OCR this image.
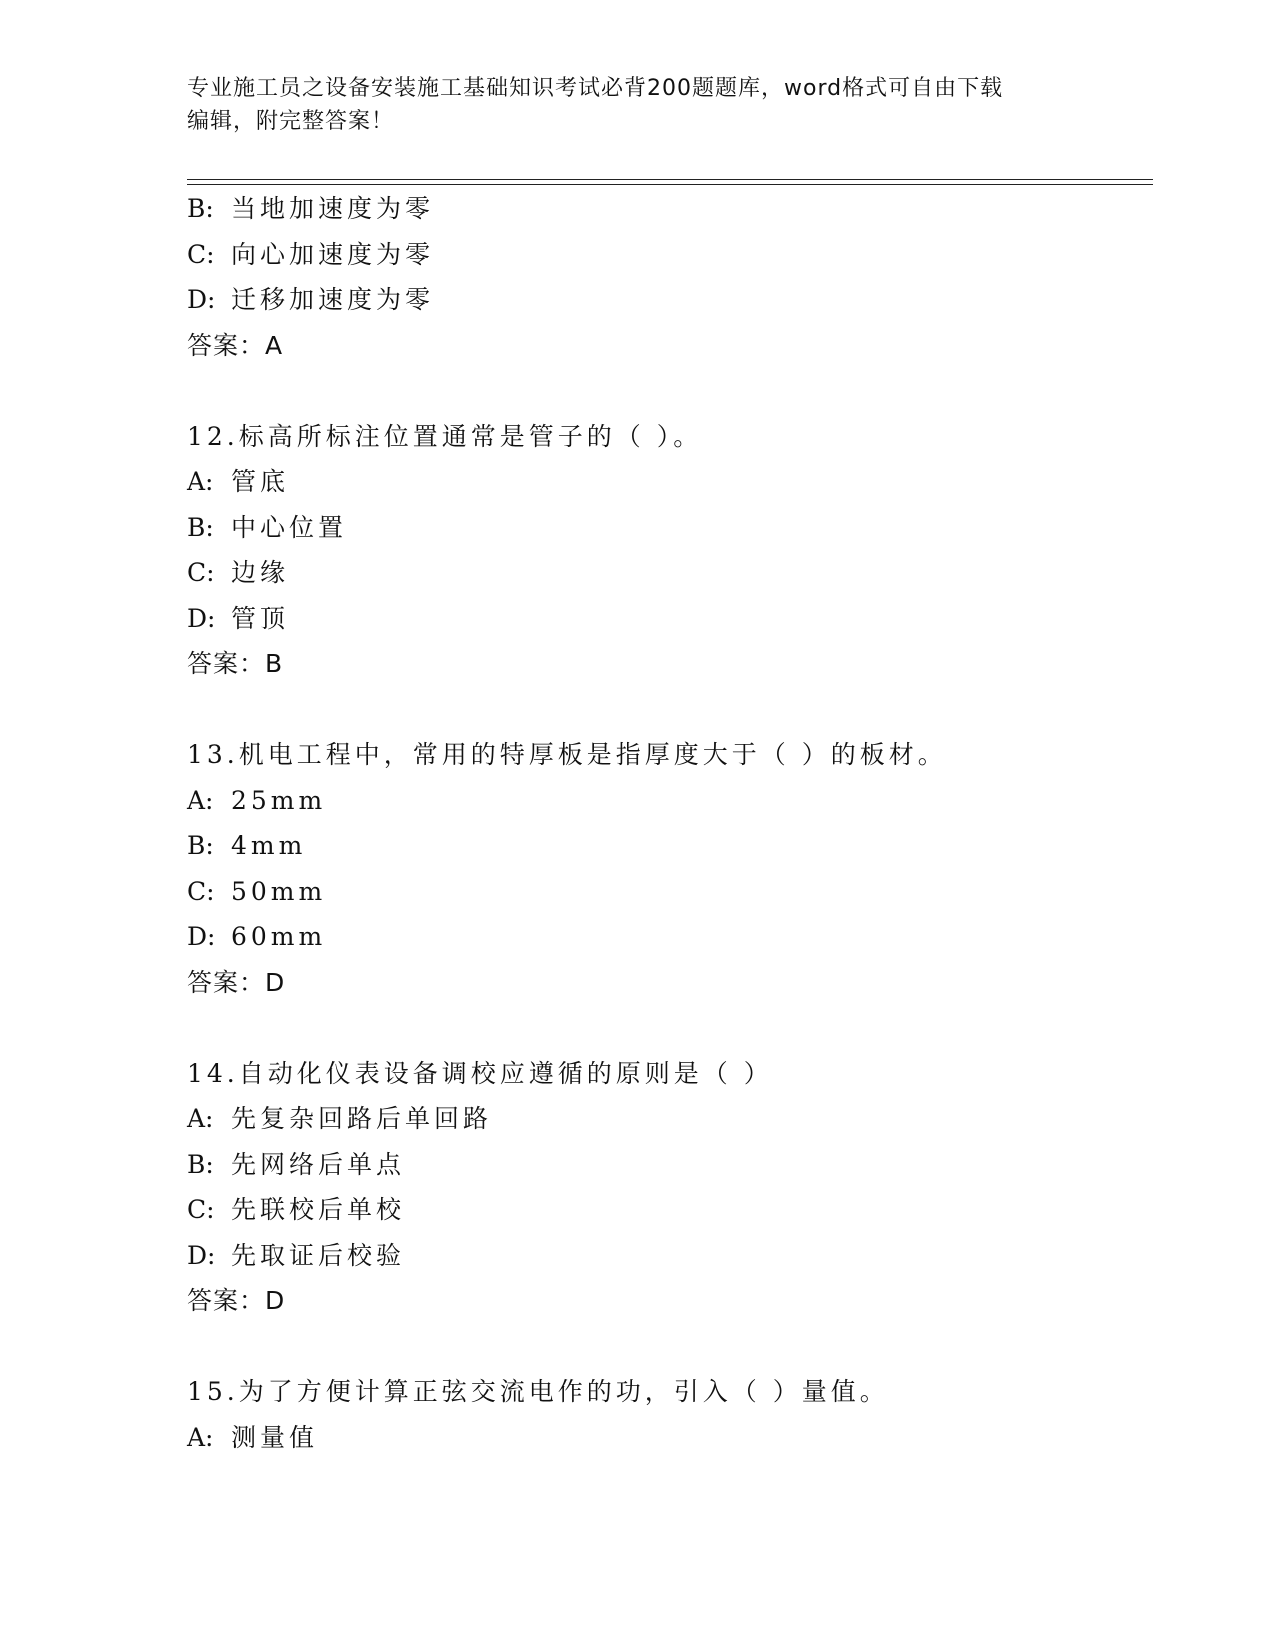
专业施工员之设备安装施工基础知识考试必背200题题库，word格式可自由下载
编辑，附完整答案！
B: 当地加速度为零
C: 向心加速度为零
D: 迁移加速度为零
答案：A
12.标高所标注位置通常是管子的（ ）。
A: 管底
B: 中心位置
C: 边缘
D: 管顶
答案：B
13.机电工程中，常用的特厚板是指厚度大于（ ）的板材。
A: 25mm
B: 4mm
C: 50mm
D: 60mm
答案：D
14.自动化仪表设备调校应遵循的原则是（ ）
A: 先复杂回路后单回路
B: 先网络后单点
C: 先联校后单校
D: 先取证后校验
答案：D
15.为了方便计算正弦交流电作的功，引入（ ）量值。
A: 测量值
